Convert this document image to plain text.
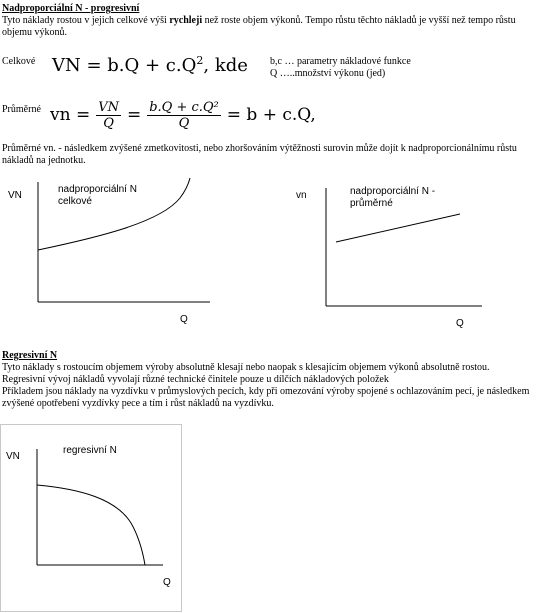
Nadproporciální N - progresivní
Tyto náklady rostou v jejich celkové výši rychleji než roste objem výkonů. Tempo růstu těchto nákladů je vyšší než tempo růstu objemu výkonů.
Celkové VN = $b.Q + c.Q^2$, kde b,c … parametry nákladové funkce
Q …..množství výkonu (jed)
Průměrné vn = $\frac{VN}{Q} = \frac{\text{b.Q + c.Q²}}{Q} = b + c.Q$,
Průměrné vn. - následkem zvýšené zmetkovitosti, nebo zhoršováním výtěžnosti surovin může dojít k nadproporcionálnímu růstu nákladů na jednotku.
VN
nadproporciální N
celkové
Q
vn	nadproporciální N -
průměrné
Q
Regresivní N
Tyto náklady s rostoucím objemem výroby absolutně klesají nebo naopak s klesajícím objemem výkonů absolutně rostou.
Regresivní vývoj nákladů vyvolají různé technické činitele pouze u dílčích nákladových položek
Příkladem jsou náklady na vyzdívku v průmyslových pecích, kdy při omezování výroby spojené s ochlazováním pecí, je následkem zvýšené opotřebení vyzdívky pece a tím i růst nákladů na vyzdívku.
VN
regresivní N
Q
